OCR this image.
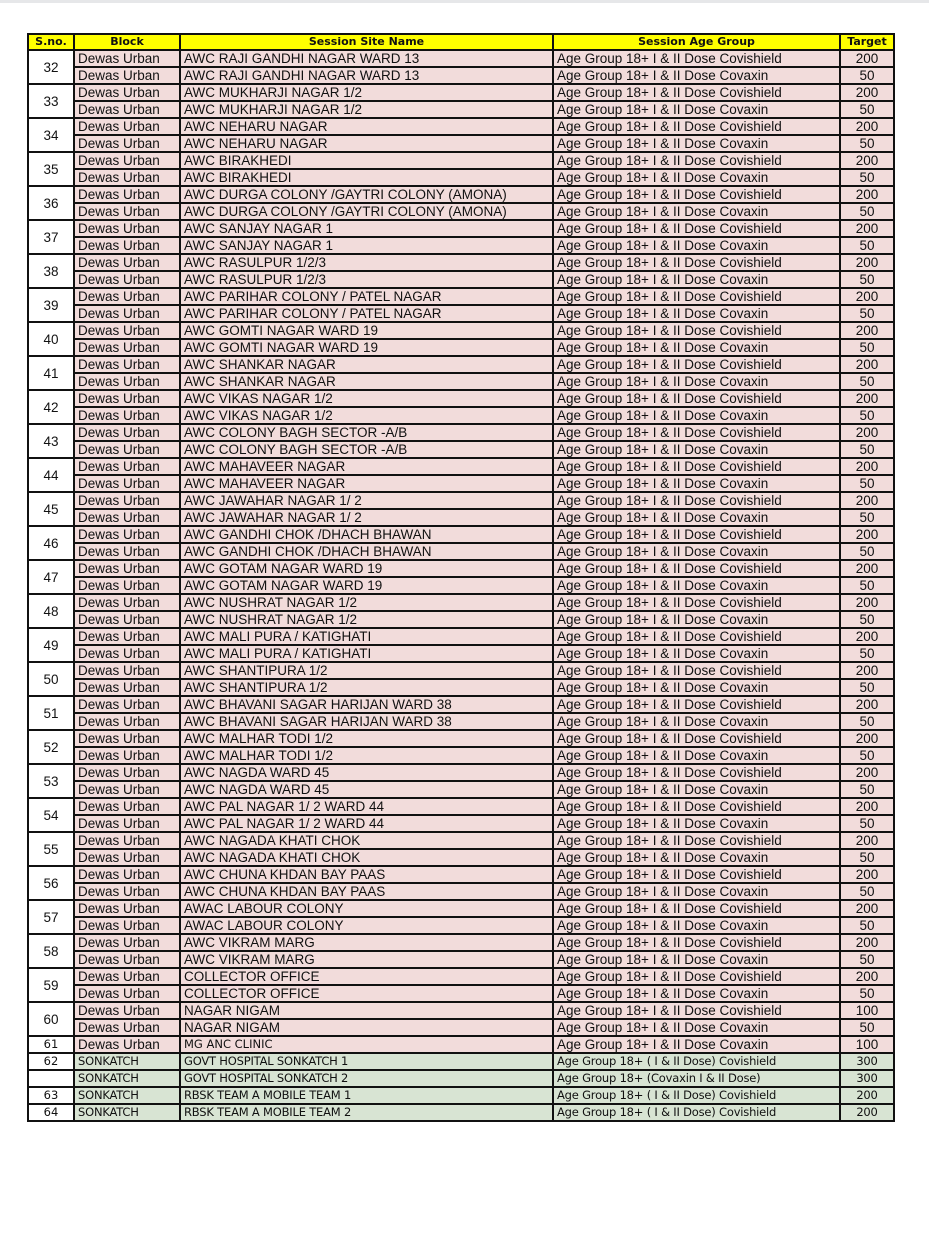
S.no.	Block	Session Site Name	Session Age Group	Target
32	Dewas Urban	AWC RAJI GANDHI NAGAR WARD 13	Age Group 18+ I & II Dose Covishield	200
	Dewas Urban	AWC RAJI GANDHI NAGAR WARD 13	Age Group 18+ I & II Dose Covaxin	50
33	Dewas Urban	AWC MUKHARJI NAGAR 1/2	Age Group 18+ I & II Dose Covishield	200
	Dewas Urban	AWC MUKHARJI NAGAR 1/2	Age Group 18+ I & II Dose Covaxin	50
34	Dewas Urban	AWC NEHARU NAGAR	Age Group 18+ I & II Dose Covishield	200
	Dewas Urban	AWC NEHARU NAGAR	Age Group 18+ I & II Dose Covaxin	50
35	Dewas Urban	AWC BIRAKHEDI	Age Group 18+ I & II Dose Covishield	200
	Dewas Urban	AWC BIRAKHEDI	Age Group 18+ I & II Dose Covaxin	50
36	Dewas Urban	AWC DURGA COLONY /GAYTRI COLONY (AMONA)	Age Group 18+ I & II Dose Covishield	200
	Dewas Urban	AWC DURGA COLONY /GAYTRI COLONY (AMONA)	Age Group 18+ I & II Dose Covaxin	50
37	Dewas Urban	AWC SANJAY NAGAR 1	Age Group 18+ I & II Dose Covishield	200
	Dewas Urban	AWC SANJAY NAGAR 1	Age Group 18+ I & II Dose Covaxin	50
38	Dewas Urban	AWC RASULPUR 1/2/3	Age Group 18+ I & II Dose Covishield	200
	Dewas Urban	AWC RASULPUR 1/2/3	Age Group 18+ I & II Dose Covaxin	50
39	Dewas Urban	AWC PARIHAR COLONY / PATEL NAGAR	Age Group 18+ I & II Dose Covishield	200
	Dewas Urban	AWC PARIHAR COLONY / PATEL NAGAR	Age Group 18+ I & II Dose Covaxin	50
40	Dewas Urban	AWC GOMTI NAGAR WARD 19	Age Group 18+ I & II Dose Covishield	200
	Dewas Urban	AWC GOMTI NAGAR WARD 19	Age Group 18+ I & II Dose Covaxin	50
41	Dewas Urban	AWC SHANKAR NAGAR	Age Group 18+ I & II Dose Covishield	200
	Dewas Urban	AWC SHANKAR NAGAR	Age Group 18+ I & II Dose Covaxin	50
42	Dewas Urban	AWC VIKAS NAGAR 1/2	Age Group 18+ I & II Dose Covishield	200
	Dewas Urban	AWC VIKAS NAGAR 1/2	Age Group 18+ I & II Dose Covaxin	50
43	Dewas Urban	AWC COLONY BAGH SECTOR -A/B	Age Group 18+ I & II Dose Covishield	200
	Dewas Urban	AWC COLONY BAGH SECTOR -A/B	Age Group 18+ I & II Dose Covaxin	50
44	Dewas Urban	AWC MAHAVEER NAGAR	Age Group 18+ I & II Dose Covishield	200
	Dewas Urban	AWC MAHAVEER NAGAR	Age Group 18+ I & II Dose Covaxin	50
45	Dewas Urban	AWC JAWAHAR NAGAR 1/ 2	Age Group 18+ I & II Dose Covishield	200
	Dewas Urban	AWC JAWAHAR NAGAR 1/ 2	Age Group 18+ I & II Dose Covaxin	50
46	Dewas Urban	AWC GANDHI CHOK /DHACH BHAWAN	Age Group 18+ I & II Dose Covishield	200
	Dewas Urban	AWC GANDHI CHOK /DHACH BHAWAN	Age Group 18+ I & II Dose Covaxin	50
47	Dewas Urban	AWC GOTAM NAGAR WARD 19	Age Group 18+ I & II Dose Covishield	200
	Dewas Urban	AWC GOTAM NAGAR WARD 19	Age Group 18+ I & II Dose Covaxin	50
48	Dewas Urban	AWC NUSHRAT NAGAR 1/2	Age Group 18+ I & II Dose Covishield	200
	Dewas Urban	AWC NUSHRAT NAGAR 1/2	Age Group 18+ I & II Dose Covaxin	50
49	Dewas Urban	AWC MALI PURA / KATIGHATI	Age Group 18+ I & II Dose Covishield	200
	Dewas Urban	AWC MALI PURA / KATIGHATI	Age Group 18+ I & II Dose Covaxin	50
50	Dewas Urban	AWC SHANTIPURA 1/2	Age Group 18+ I & II Dose Covishield	200
	Dewas Urban	AWC SHANTIPURA 1/2	Age Group 18+ I & II Dose Covaxin	50
51	Dewas Urban	AWC BHAVANI SAGAR HARIJAN WARD 38	Age Group 18+ I & II Dose Covishield	200
	Dewas Urban	AWC BHAVANI SAGAR HARIJAN WARD 38	Age Group 18+ I & II Dose Covaxin	50
52	Dewas Urban	AWC MALHAR TODI 1/2	Age Group 18+ I & II Dose Covishield	200
	Dewas Urban	AWC MALHAR TODI 1/2	Age Group 18+ I & II Dose Covaxin	50
53	Dewas Urban	AWC NAGDA WARD 45	Age Group 18+ I & II Dose Covishield	200
	Dewas Urban	AWC NAGDA WARD 45	Age Group 18+ I & II Dose Covaxin	50
54	Dewas Urban	AWC PAL NAGAR 1/ 2 WARD 44	Age Group 18+ I & II Dose Covishield	200
	Dewas Urban	AWC PAL NAGAR 1/ 2 WARD 44	Age Group 18+ I & II Dose Covaxin	50
55	Dewas Urban	AWC NAGADA KHATI CHOK	Age Group 18+ I & II Dose Covishield	200
	Dewas Urban	AWC NAGADA KHATI CHOK	Age Group 18+ I & II Dose Covaxin	50
56	Dewas Urban	AWC CHUNA KHDAN BAY PAAS	Age Group 18+ I & II Dose Covishield	200
	Dewas Urban	AWC CHUNA KHDAN BAY PAAS	Age Group 18+ I & II Dose Covaxin	50
57	Dewas Urban	AWAC LABOUR COLONY	Age Group 18+ I & II Dose Covishield	200
	Dewas Urban	AWAC LABOUR COLONY	Age Group 18+ I & II Dose Covaxin	50
58	Dewas Urban	AWC VIKRAM MARG	Age Group 18+ I & II Dose Covishield	200
	Dewas Urban	AWC VIKRAM MARG	Age Group 18+ I & II Dose Covaxin	50
59	Dewas Urban	COLLECTOR OFFICE	Age Group 18+ I & II Dose Covishield	200
	Dewas Urban	COLLECTOR OFFICE	Age Group 18+ I & II Dose Covaxin	50
60	Dewas Urban	NAGAR NIGAM	Age Group 18+ I & II Dose Covishield	100
	Dewas Urban	NAGAR NIGAM	Age Group 18+ I & II Dose Covaxin	50
61	Dewas Urban	MG ANC CLINIC	Age Group 18+ I & II Dose Covaxin	100
62	SONKATCH	GOVT HOSPITAL SONKATCH 1	Age Group 18+ ( I & II Dose) Covishield	300
	SONKATCH	GOVT HOSPITAL SONKATCH 2	Age Group 18+ (Covaxin I & II Dose)	300
63	SONKATCH	RBSK TEAM A MOBILE TEAM 1	Age Group 18+ ( I & II Dose) Covishield	200
64	SONKATCH	RBSK TEAM A MOBILE TEAM 2	Age Group 18+ ( I & II Dose) Covishield	200
